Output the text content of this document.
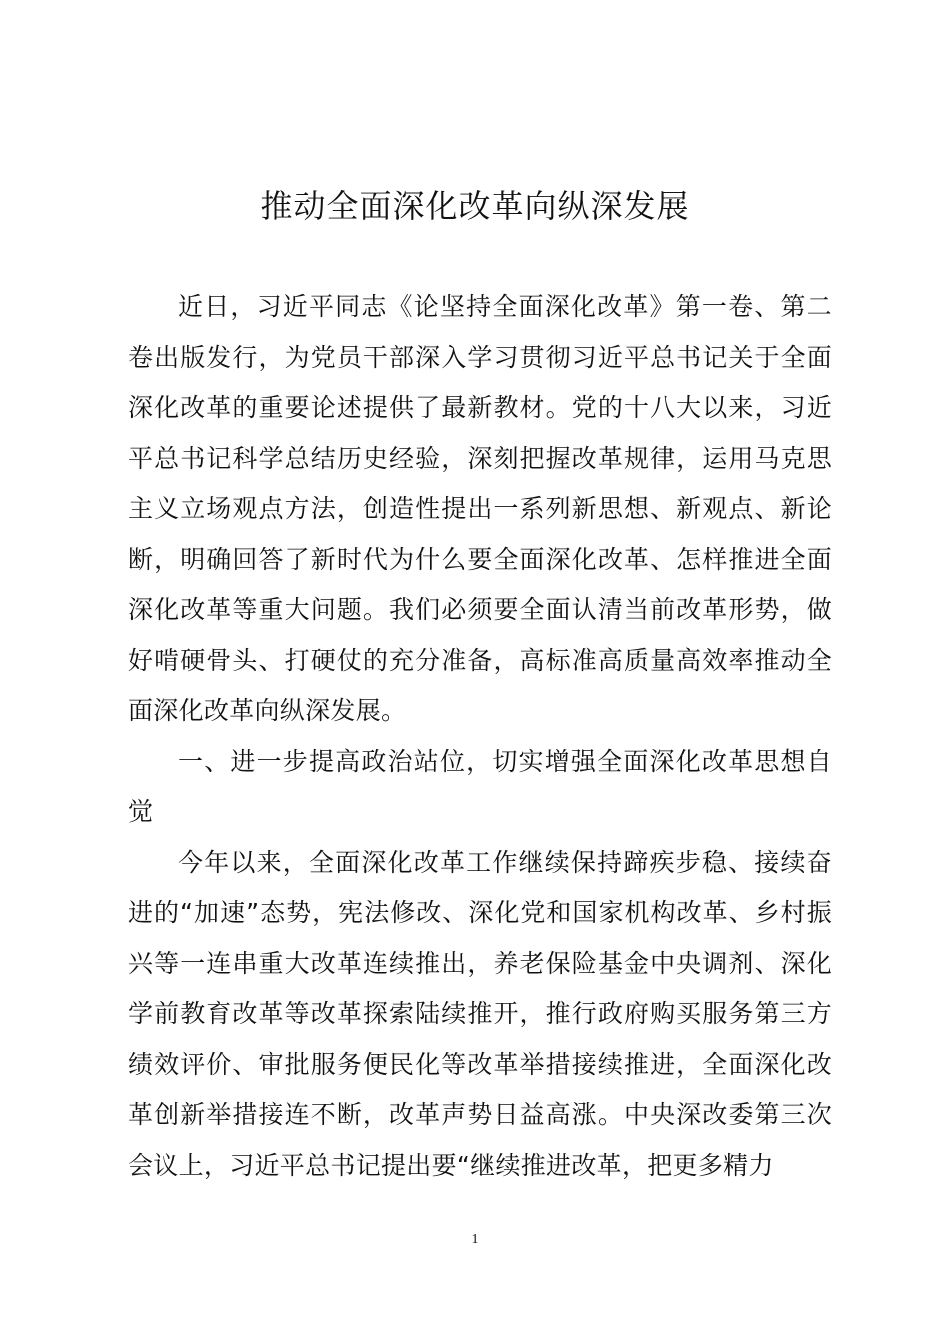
推动全面深化改革向纵深发展

近日，习近平同志《论坚持全面深化改革》第一卷、第二卷出版发行，为党员干部深入学习贯彻习近平总书记关于全面深化改革的重要论述提供了最新教材。党的十八大以来，习近平总书记科学总结历史经验，深刻把握改革规律，运用马克思主义立场观点方法，创造性提出一系列新思想、新观点、新论断，明确回答了新时代为什么要全面深化改革、怎样推进全面深化改革等重大问题。我们必须要全面认清当前改革形势，做好啃硬骨头、打硬仗的充分准备，高标准高质量高效率推动全面深化改革向纵深发展。

一、进一步提高政治站位，切实增强全面深化改革思想自觉

今年以来，全面深化改革工作继续保持蹄疾步稳、接续奋进的“加速”态势，宪法修改、深化党和国家机构改革、乡村振兴等一连串重大改革连续推出，养老保险基金中央调剂、深化学前教育改革等改革探索陆续推开，推行政府购买服务第三方绩效评价、审批服务便民化等改革举措接续推进，全面深化改革创新举措接连不断，改革声势日益高涨。中央深改委第三次会议上，习近平总书记提出要“继续推进改革，把更多精力

1
